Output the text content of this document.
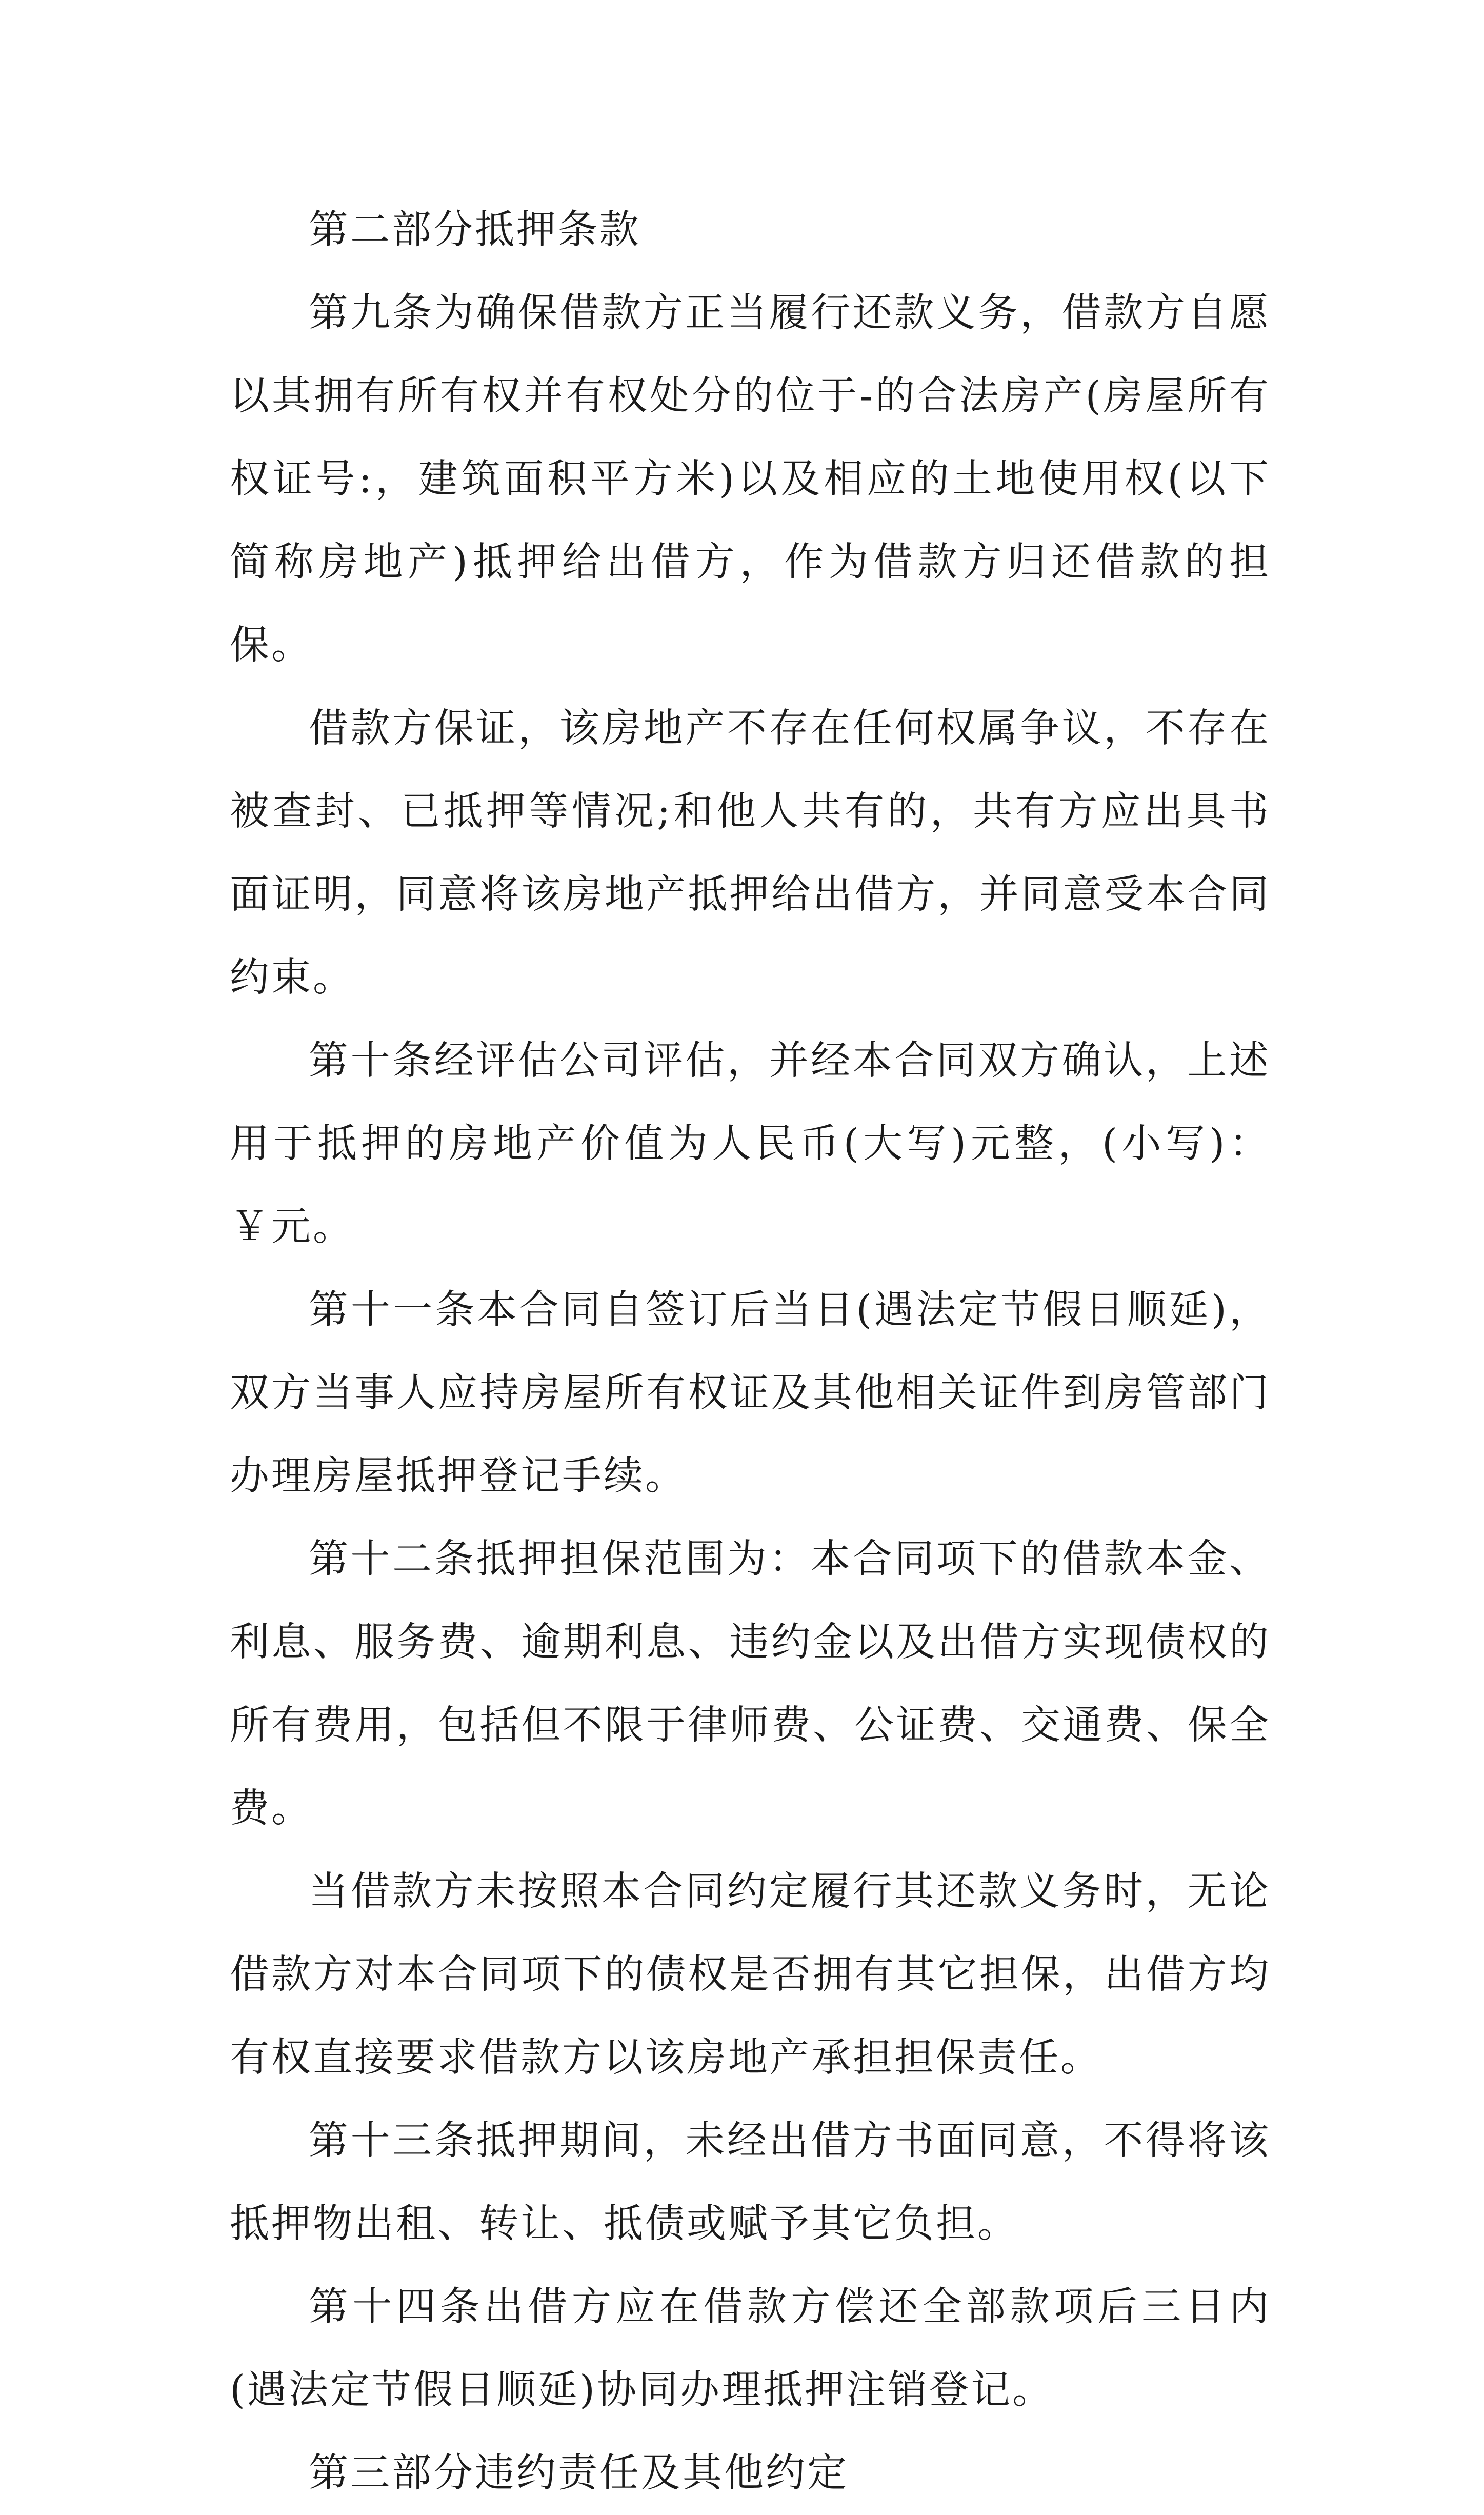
第二部分抵押条款

第九条为确保借款方正当履行还款义务，借款方自愿以其拥有所有权并有权处分的位于-的合法房产(房屋所有权证号:，建筑面积平方米)以及相应的土地使用权(以下简称房地产)抵押给出借方，作为借款方归还借款的担保。

借款方保证，该房地产不存在任何权属争议，不存在被查封、已抵押等情况;和他人共有的，共有方应出具书面证明，同意将该房地产抵押给出借方，并同意受本合同约束。

第十条经评估公司评估，并经本合同双方确认，上述用于抵押的房地产价值为人民币(大写)元整，(小写)：￥元。

第十一条本合同自签订后当日(遇法定节假日顺延)，双方当事人应持房屋所有权证及其他相关证件到房管部门办理房屋抵押登记手续。

第十二条抵押担保范围为：本合同项下的借款本金、利息、服务费、逾期利息、违约金以及出借方实现债权的所有费用，包括但不限于律师费、公证费、交通费、保全费。

当借款方未按照本合同约定履行其还款义务时，无论借款方对本合同项下的债权是否拥有其它担保，出借方均有权直接要求借款方以该房地产承担担保责任。

第十三条抵押期间，未经出借方书面同意，不得将该抵押物出租、转让、抵债或赋予其它负担。

第十四条出借方应在借款方偿还全部款项后三日内(遇法定节假日顺延)协同办理抵押注销登记。

第三部分违约责任及其他约定
